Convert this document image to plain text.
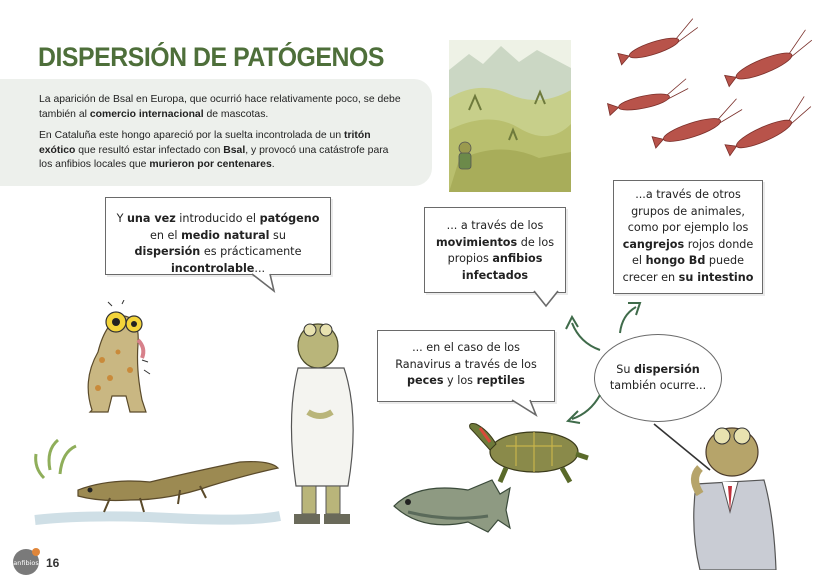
DISPERSIÓN DE PATÓGENOS

La aparición de Bsal en Europa, que ocurrió hace relativamente poco, se debe también al comercio internacional de mascotas.

En Cataluña este hongo apareció por la suelta incontrolada de un tritón exótico que resultó estar infectado con Bsal, y provocó una catástrofe para los anfibios locales que murieron por centenares.

Y una vez introducido el patógeno en el medio natural su dispersión es prácticamente incontrolable...
... a través de los movimientos de los propios anfibios infectados
...a través de otros grupos de animales, como por ejemplo los cangrejos rojos donde el hongo Bd puede crecer en su intestino
... en el caso de los Ranavirus a través de los peces y los reptiles
Su dispersión
también ocurre...
anfibios 16
